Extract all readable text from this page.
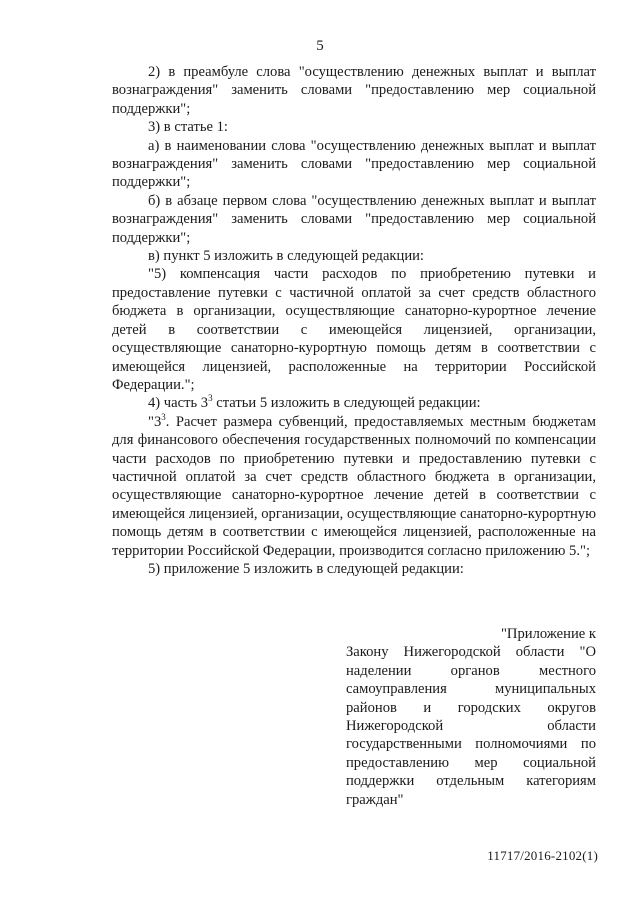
5

2) в преамбуле слова "осуществлению денежных выплат и выплат вознаграждения" заменить словами "предоставлению мер социальной поддержки";

3) в статье 1:

а) в наименовании слова "осуществлению денежных выплат и выплат вознаграждения" заменить словами "предоставлению мер социальной поддержки";

б) в абзаце первом слова "осуществлению денежных выплат и выплат вознаграждения" заменить словами "предоставлению мер социальной поддержки";

в) пункт 5 изложить в следующей редакции:

"5) компенсация части расходов по приобретению путевки и предоставление путевки с частичной оплатой за счет средств областного бюджета в организации, осуществляющие санаторно-курортное лечение детей в соответствии с имеющейся лицензией, организации, осуществляющие санаторно-курортную помощь детям в соответствии с имеющейся лицензией, расположенные на территории Российской Федерации.";

4) часть $3^3$ статьи 5 изложить в следующей редакции:

"$3^3$. Расчет размера субвенций, предоставляемых местным бюджетам для финансового обеспечения государственных полномочий по компенсации части расходов по приобретению путевки и предоставлению путевки с частичной оплатой за счет средств областного бюджета в организации, осуществляющие санаторно-курортное лечение детей в соответствии с имеющейся лицензией, организации, осуществляющие санаторно-курортную помощь детям в соответствии с имеющейся лицензией, расположенные на территории Российской Федерации, производится согласно приложению 5.";

5) приложение 5 изложить в следующей редакции:

"Приложение к

Закону Нижегородской области "О наделении органов местного самоуправления муниципальных районов и городских округов Нижегородской области государственными полномочиями по предоставлению мер социальной поддержки отдельным категориям граждан"

11717/2016-2102(1)
